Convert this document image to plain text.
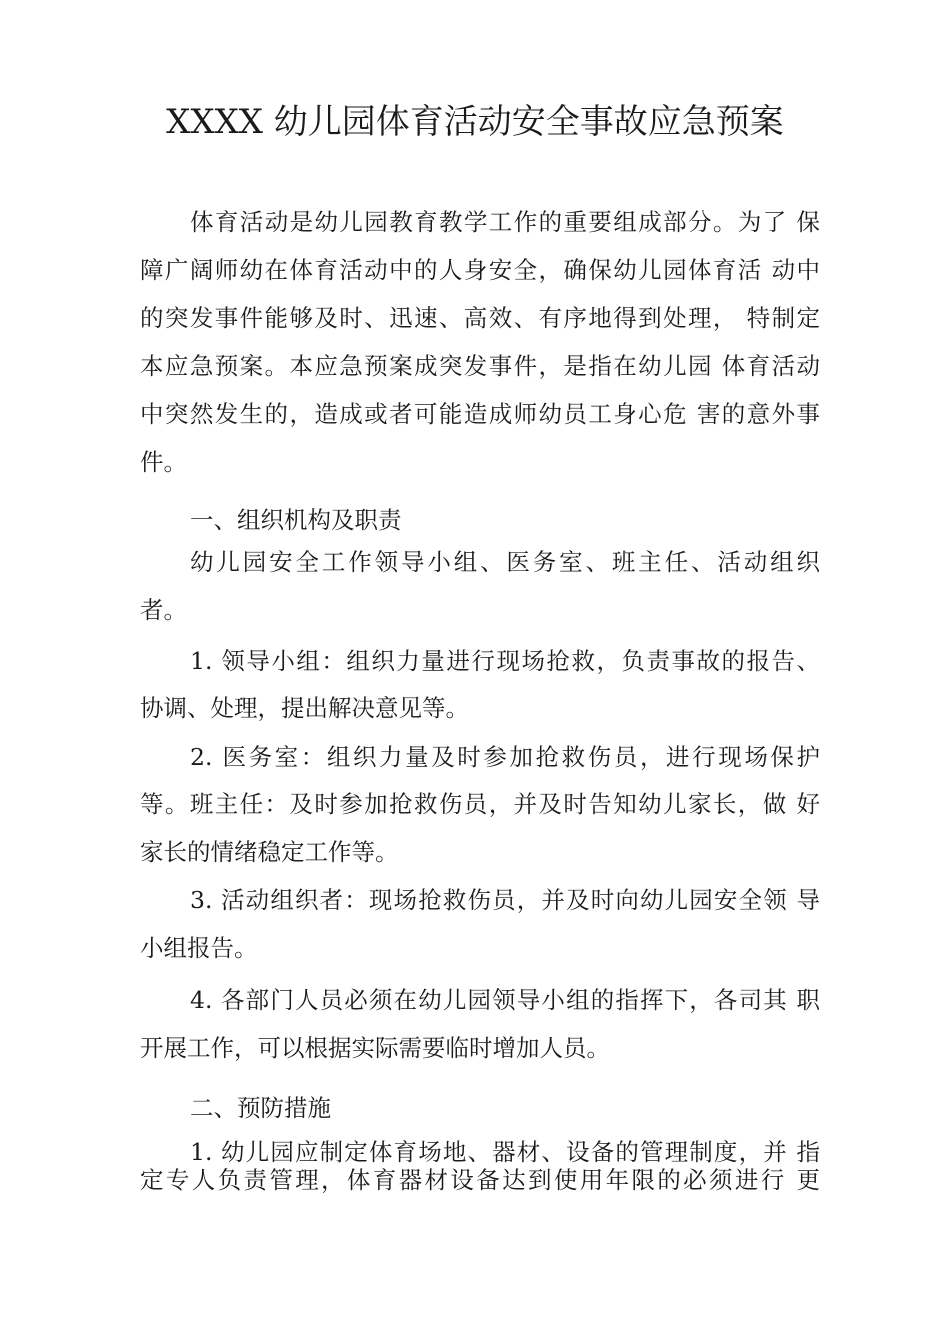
XXXX 幼儿园体育活动安全事故应急预案
体育活动是幼儿园教育教学工作的重要组成部分。为了 保
障广阔师幼在体育活动中的人身安全，确保幼儿园体育活 动中
的突发事件能够及时、迅速、高效、有序地得到处理， 特制定
本应急预案。本应急预案成突发事件，是指在幼儿园 体育活动
中突然发生的，造成或者可能造成师幼员工身心危 害的意外事
件。
一、组织机构及职责
幼儿园安全工作领导小组、医务室、班主任、活动组织
者。
1. 领导小组：组织力量进行现场抢救，负责事故的报告、
协调、处理，提出解决意见等。
2. 医务室：组织力量及时参加抢救伤员，进行现场保护
等。班主任：及时参加抢救伤员，并及时告知幼儿家长，做 好
家长的情绪稳定工作等。
3. 活动组织者：现场抢救伤员，并及时向幼儿园安全领 导
小组报告。
4. 各部门人员必须在幼儿园领导小组的指挥下，各司其 职
开展工作，可以根据实际需要临时增加人员。
二、预防措施
1. 幼儿园应制定体育场地、器材、设备的管理制度，并 指
定专人负责管理，体育器材设备达到使用年限的必须进行 更
